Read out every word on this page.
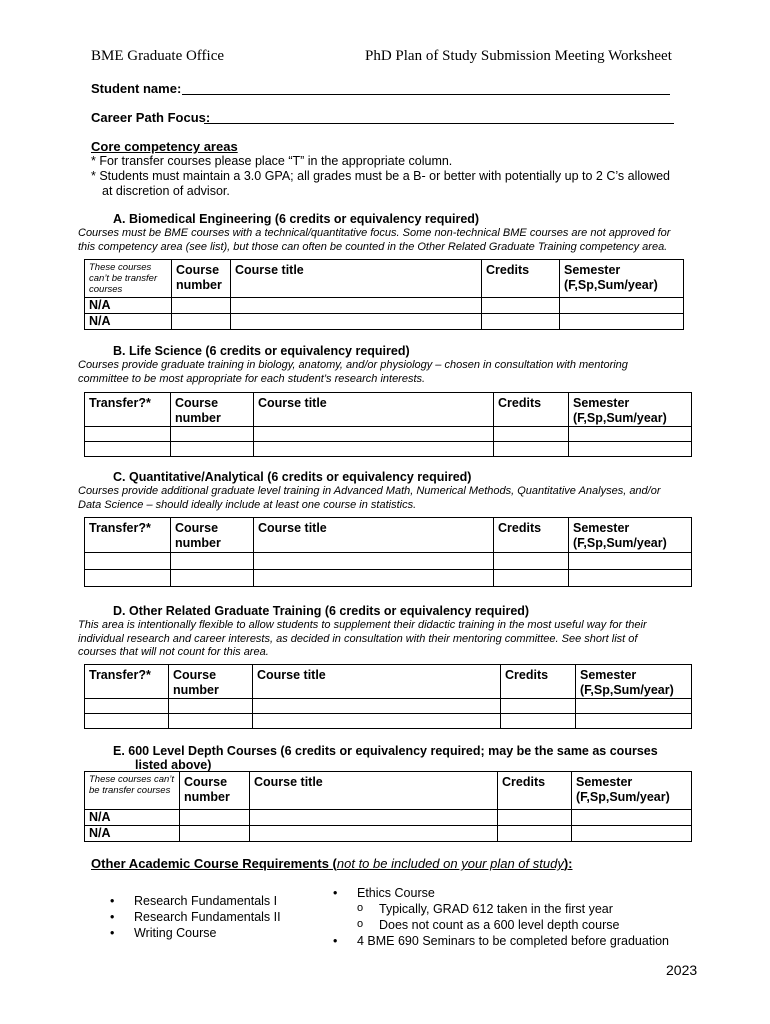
BME Graduate Office	PhD Plan of Study Submission Meeting Worksheet
Student name:
Career Path Focus:
Core competency areas
* For transfer courses please place “T” in the appropriate column.
* Students must maintain a 3.0 GPA; all grades must be a B- or better with potentially up to 2 C’s allowed
at discretion of advisor.
A. Biomedical Engineering (6 credits or equivalency required)
Courses must be BME courses with a technical/quantitative focus. Some non-technical BME courses are not approved for
this competency area (see list), but those can often be counted in the Other Related Graduate Training competency area.
These courses can’t be transfer courses	Course number	Course title	Credits	Semester (F,Sp,Sum/year)
N/A				
N/A				
B. Life Science (6 credits or equivalency required)
Courses provide graduate training in biology, anatomy, and/or physiology – chosen in consultation with mentoring
committee to be most appropriate for each student’s research interests.
Transfer?*	Course number	Course title	Credits	Semester (F,Sp,Sum/year)

C. Quantitative/Analytical (6 credits or equivalency required)
Courses provide additional graduate level training in Advanced Math, Numerical Methods, Quantitative Analyses, and/or
Data Science – should ideally include at least one course in statistics.
Transfer?*	Course number	Course title	Credits	Semester (F,Sp,Sum/year)

D. Other Related Graduate Training (6 credits or equivalency required)
This area is intentionally flexible to allow students to supplement their didactic training in the most useful way for their
individual research and career interests, as decided in consultation with their mentoring committee. See short list of
courses that will not count for this area.
Transfer?*	Course number	Course title	Credits	Semester (F,Sp,Sum/year)

E. 600 Level Depth Courses (6 credits or equivalency required; may be the same as courses
listed above)
These courses can’t be transfer courses	Course number	Course title	Credits	Semester (F,Sp,Sum/year)
N/A				
N/A				
Other Academic Course Requirements (not to be included on your plan of study):
• Research Fundamentals I
• Research Fundamentals II
• Writing Course
• Ethics Course
o Typically, GRAD 612 taken in the first year
o Does not count as a 600 level depth course
• 4 BME 690 Seminars to be completed before graduation
2023
